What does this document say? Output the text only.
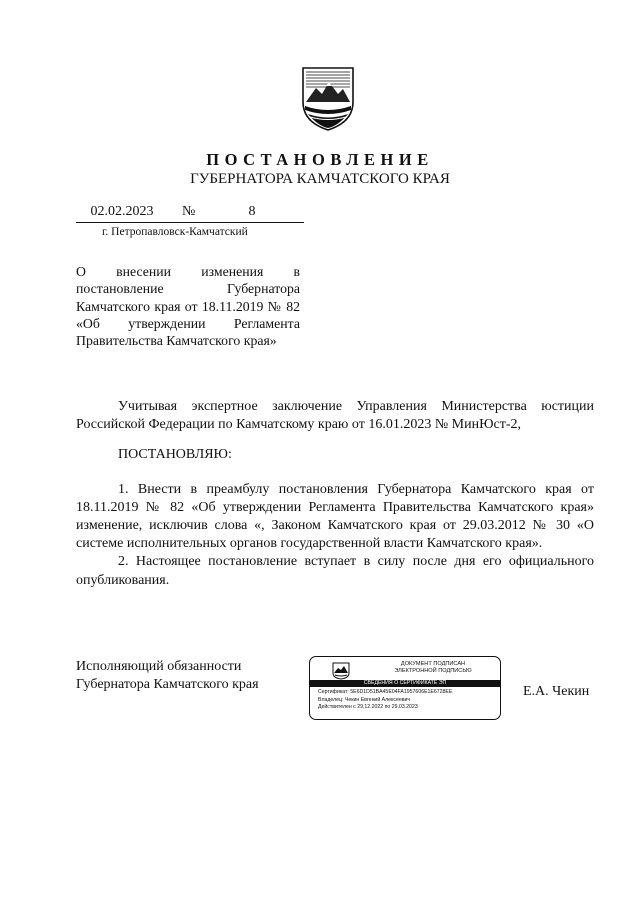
ПОСТАНОВЛЕНИЕ
ГУБЕРНАТОРА КАМЧАТСКОГО КРАЯ
02.02.2023	№	8
г. Петропавловск-Камчатский
О внесении изменения в постановление Губернатора Камчатского края от 18.11.2019 № 82 «Об утверждении Регламента Правительства Камчатского края»

Учитывая экспертное заключение Управления Министерства юстиции Российской Федерации по Камчатскому краю от 16.01.2023 № МинЮст-2,

ПОСТАНОВЛЯЮ:

1. Внести в преамбулу постановления Губернатора Камчатского края от 18.11.2019 № 82 «Об утверждении Регламента Правительства Камчатского края» изменение, исключив слова «, Законом Камчатского края от 29.03.2012 № 30 «О системе исполнительных органов государственной власти Камчатского края».

2. Настоящее постановление вступает в силу после дня его официального опубликования.

Исполняющий обязанности
Губернатора Камчатского края
ДОКУМЕНТ ПОДПИСАН
ЭЛЕКТРОННОЙ ПОДПИСЬЮ
СВЕДЕНИЯ О СЕРТИФИКАТЕ ЭП
Сертификат: 5E6D1D51BA45E04FA1957606E1E6728EE
Владелец: Чекин Евгений Алексеевич
Действителен с 29.12.2022 по 29.03.2023
Е.А. Чекин
